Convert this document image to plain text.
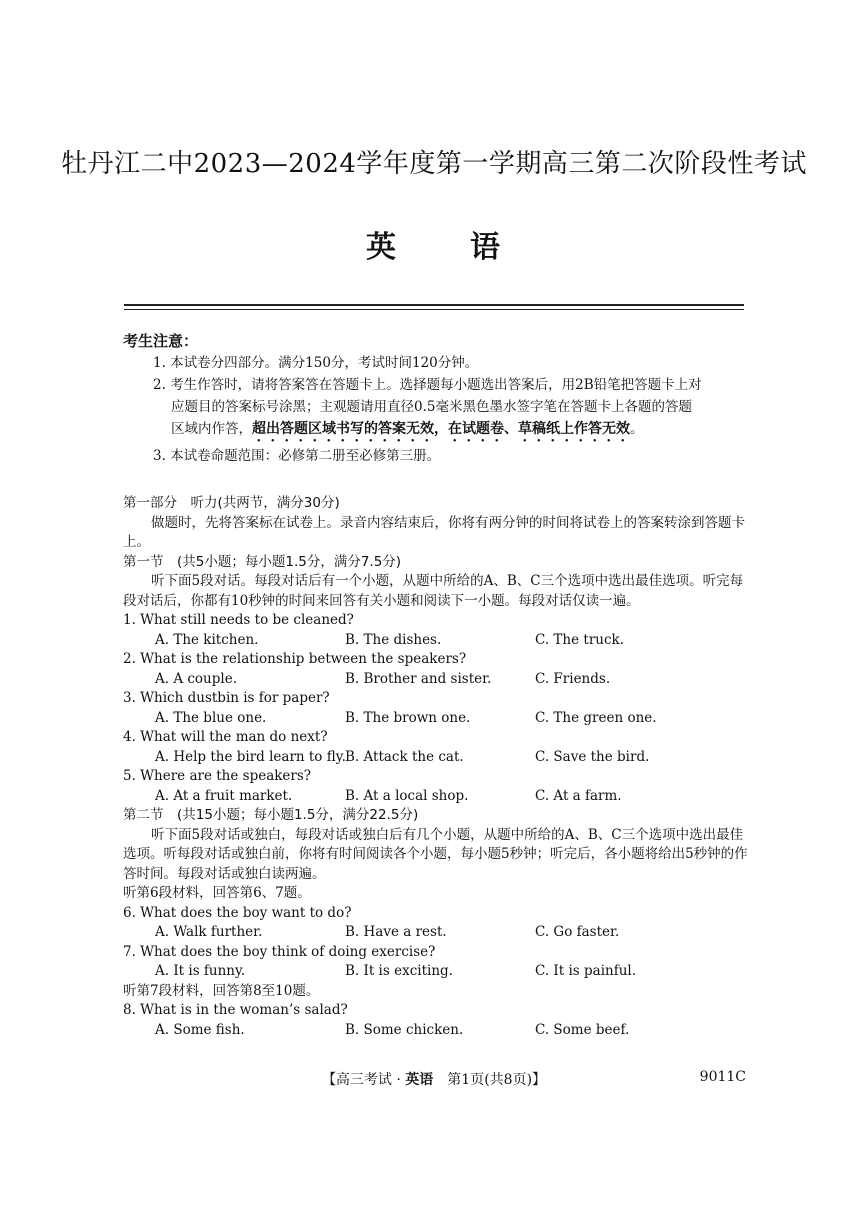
牡丹江二中2023—2024学年度第一学期高三第二次阶段性考试
英 语
考生注意：
1. 本试卷分四部分。满分150分，考试时间120分钟。
2. 考生作答时，请将答案答在答题卡上。选择题每小题选出答案后，用2B铅笔把答题卡上对
应题目的答案标号涂黑；主观题请用直径0.5毫米黑色墨水签字笔在答题卡上各题的答题
区域内作答，超出答题区域书写的答案无效，在试题卷、草稿纸上作答无效。
3. 本试卷命题范围：必修第二册至必修第三册。
第一部分　听力(共两节，满分30分)
做题时，先将答案标在试卷上。录音内容结束后，你将有两分钟的时间将试卷上的答案转涂到答题卡上。
第一节　(共5小题；每小题1.5分，满分7.5分)
听下面5段对话。每段对话后有一个小题，从题中所给的A、B、C三个选项中选出最佳选项。听完每段对话后，你都有10秒钟的时间来回答有关小题和阅读下一小题。每段对话仅读一遍。
1. What still needs to be cleaned?
A. The kitchen.	B. The dishes.	C. The truck.
2. What is the relationship between the speakers?
A. A couple.	B. Brother and sister.	C. Friends.
3. Which dustbin is for paper?
A. The blue one.	B. The brown one.	C. The green one.
4. What will the man do next?
A. Help the bird learn to fly. B. Attack the cat.	C. Save the bird.
5. Where are the speakers?
A. At a fruit market.	B. At a local shop.	C. At a farm.
第二节　(共15小题；每小题1.5分，满分22.5分)
听下面5段对话或独白，每段对话或独白后有几个小题，从题中所给的A、B、C三个选项中选出最佳选项。听每段对话或独白前，你将有时间阅读各个小题，每小题5秒钟；听完后，各小题将给出5秒钟的作答时间。每段对话或独白读两遍。
听第6段材料，回答第6、7题。
6. What does the boy want to do?
A. Walk further.	B. Have a rest.	C. Go faster.
7. What does the boy think of doing exercise?
A. It is funny.	B. It is exciting.	C. It is painful.
听第7段材料，回答第8至10题。
8. What is in the woman’s salad?
A. Some fish.	B. Some chicken.	C. Some beef.
【高三考试 · 英语　第1页(共8页)】	9011C
